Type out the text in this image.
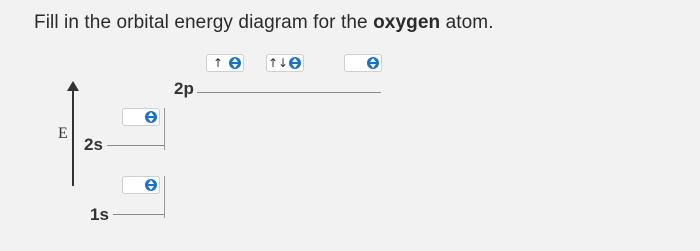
Fill in the orbital energy diagram for the oxygen atom.
E
2p
↑	↑↓
2s
1s
